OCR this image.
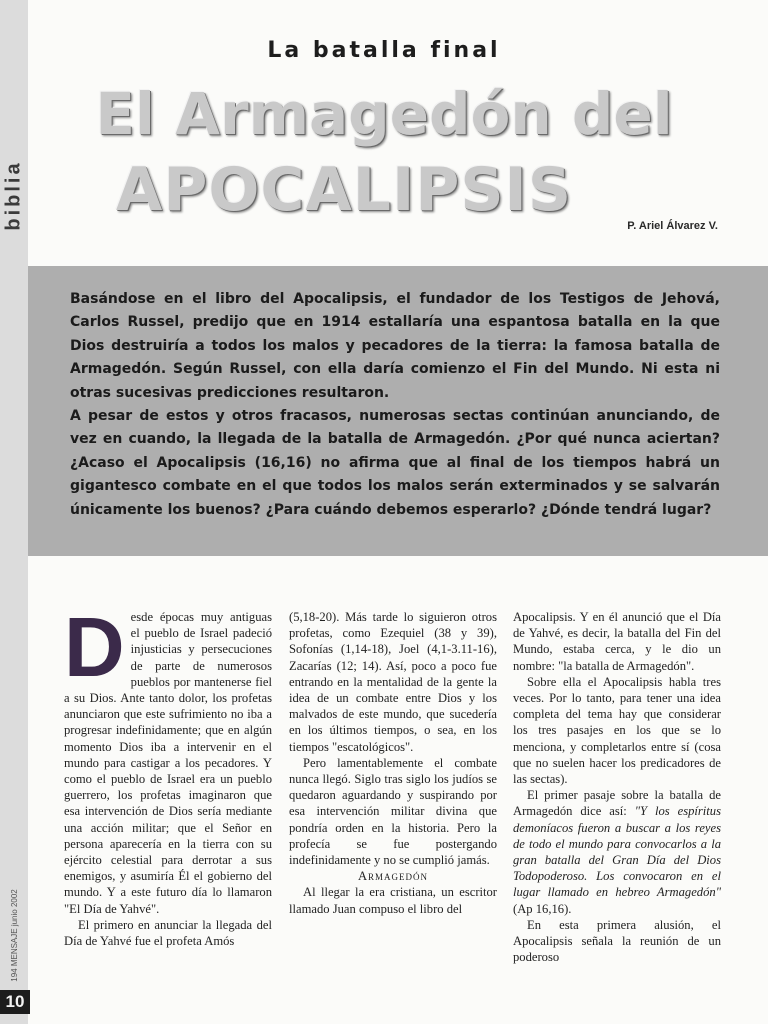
biblia
194 MENSAJE junio 2002
10
La batalla final
El Armagedón del
APOCALIPSIS
P. Ariel Álvarez V.

Basándose en el libro del Apocalipsis, el fundador de los Testigos de Jehová, Carlos Russel, predijo que en 1914 estallaría una espantosa batalla en la que Dios destruiría a todos los malos y pecadores de la tierra: la famosa batalla de Armagedón. Según Russel, con ella daría comienzo el Fin del Mundo. Ni esta ni otras sucesivas predicciones resultaron.

A pesar de estos y otros fracasos, numerosas sectas continúan anunciando, de vez en cuando, la llegada de la batalla de Armagedón. ¿Por qué nunca aciertan? ¿Acaso el Apocalipsis (16,16) no afirma que al final de los tiempos habrá un gigantesco combate en el que todos los malos serán exterminados y se salvarán únicamente los buenos? ¿Para cuándo debemos esperarlo? ¿Dónde tendrá lugar?

D esde épocas muy antiguas el pueblo de Israel padeció injusticias y persecuciones de parte de numerosos pueblos por mantenerse fiel a su Dios. Ante tanto dolor, los profetas anunciaron que este sufrimiento no iba a progresar indefinidamente; que en algún momento Dios iba a intervenir en el mundo para castigar a los pecadores. Y como el pueblo de Israel era un pueblo guerrero, los profetas imaginaron que esa intervención de Dios sería mediante una acción militar; que el Señor en persona aparecería en la tierra con su ejército celestial para derrotar a sus enemigos, y asumiría Él el gobierno del mundo. Y a este futuro día lo llamaron "El Día de Yahvé".

El primero en anunciar la llegada del Día de Yahvé fue el profeta Amós

(5,18-20). Más tarde lo siguieron otros profetas, como Ezequiel (38 y 39), Sofonías (1,14-18), Joel (4,1-3.11-16), Zacarías (12; 14). Así, poco a poco fue entrando en la mentalidad de la gente la idea de un combate entre Dios y los malvados de este mundo, que sucedería en los últimos tiempos, o sea, en los tiempos "escatológicos".

Pero lamentablemente el combate nunca llegó. Siglo tras siglo los judíos se quedaron aguardando y suspirando por esa intervención militar divina que pondría orden en la historia. Pero la profecía se fue postergando indefinidamente y no se cumplió jamás.

Armagedón

Al llegar la era cristiana, un escritor llamado Juan compuso el libro del

Apocalipsis. Y en él anunció que el Día de Yahvé, es decir, la batalla del Fin del Mundo, estaba cerca, y le dio un nombre: "la batalla de Armagedón".

Sobre ella el Apocalipsis habla tres veces. Por lo tanto, para tener una idea completa del tema hay que considerar los tres pasajes en los que se lo menciona, y completarlos entre sí (cosa que no suelen hacer los predicadores de las sectas).

El primer pasaje sobre la batalla de Armagedón dice así: "Y los espíritus demoníacos fueron a buscar a los reyes de todo el mundo para convocarlos a la gran batalla del Gran Día del Dios Todopoderoso. Los convocaron en el lugar llamado en hebreo Armagedón" (Ap 16,16).

En esta primera alusión, el Apocalipsis señala la reunión de un poderoso
